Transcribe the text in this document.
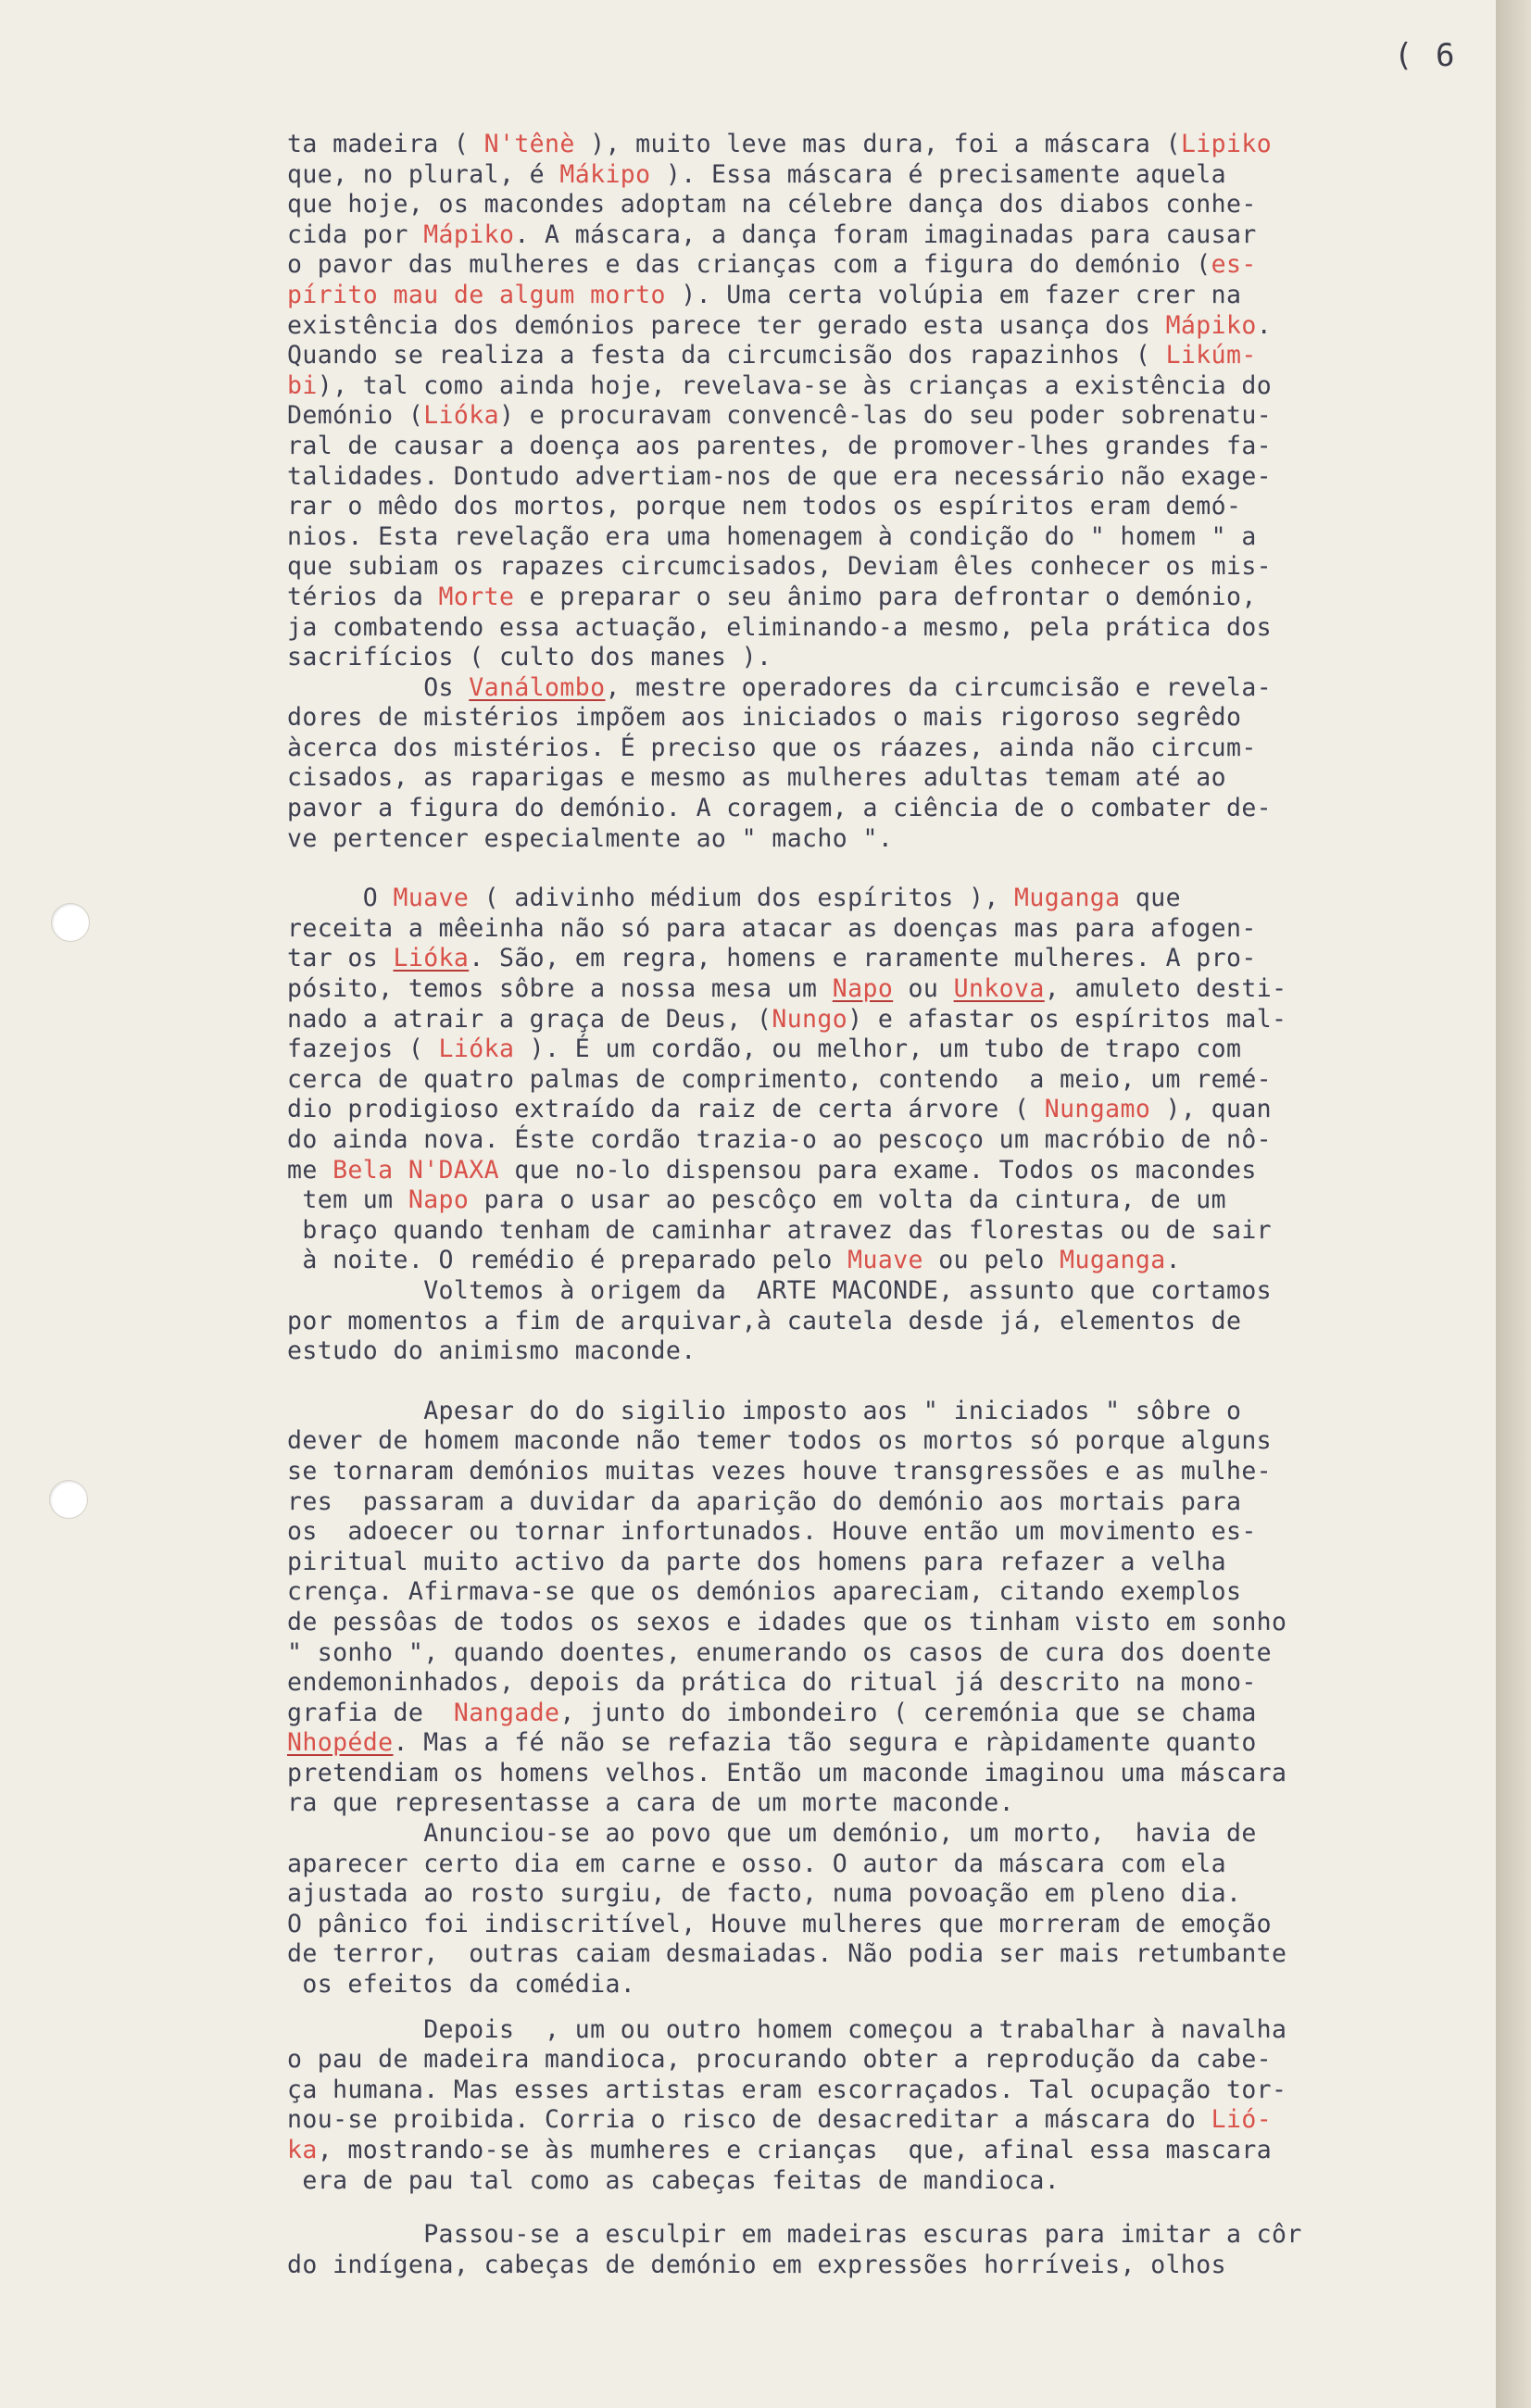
( 6
ta madeira ( N'tênè ), muito leve mas dura, foi a máscara (Lipiko
que, no plural, é Mákipo ). Essa máscara é precisamente aquela
que hoje, os macondes adoptam na célebre dança dos diabos conhe-
cida por Mápiko. A máscara, a dança foram imaginadas para causar
o pavor das mulheres e das crianças com a figura do demónio (es-
pírito mau de algum morto ). Uma certa volúpia em fazer crer na
existência dos demónios parece ter gerado esta usança dos Mápiko.
Quando se realiza a festa da circumcisão dos rapazinhos ( Likúm-
bi), tal como ainda hoje, revelava-se às crianças a existência do
Demónio (Lióka) e procuravam convencê-las do seu poder sobrenatu-
ral de causar a doença aos parentes, de promover-lhes grandes fa-
talidades. Dontudo advertiam-nos de que era necessário não exage-
rar o mêdo dos mortos, porque nem todos os espíritos eram demó-
nios. Esta revelação era uma homenagem à condição do " homem " a
que subiam os rapazes circumcisados, Deviam êles conhecer os mis-
térios da Morte e preparar o seu ânimo para defrontar o demónio,
ja combatendo essa actuação, eliminando-a mesmo, pela prática dos
sacrifícios ( culto dos manes ).
Os Vanálombo, mestre operadores da circumcisão e revela-
dores de mistérios impõem aos iniciados o mais rigoroso segrêdo
àcerca dos mistérios. É preciso que os ráazes, ainda não circum-
cisados, as raparigas e mesmo as mulheres adultas temam até ao
pavor a figura do demónio. A coragem, a ciência de o combater de-
ve pertencer especialmente ao " macho ".
O Muave ( adivinho médium dos espíritos ), Muganga que
receita a mêeinha não só para atacar as doenças mas para afogen-
tar os Lióka. São, em regra, homens e raramente mulheres. A pro-
pósito, temos sôbre a nossa mesa um Napo ou Unkova, amuleto desti-
nado a atrair a graça de Deus, (Nungo) e afastar os espíritos mal-
fazejos ( Lióka ). É um cordão, ou melhor, um tubo de trapo com
cerca de quatro palmas de comprimento, contendo  a meio, um remé-
dio prodigioso extraído da raiz de certa árvore ( Nungamo ), quan
do ainda nova. Éste cordão trazia-o ao pescoço um macróbio de nô-
me Bela N'DAXA que no-lo dispensou para exame. Todos os macondes
tem um Napo para o usar ao pescôço em volta da cintura, de um
braço quando tenham de caminhar atravez das florestas ou de sair
à noite. O remédio é preparado pelo Muave ou pelo Muganga.
Voltemos à origem da  ARTE MACONDE, assunto que cortamos
por momentos a fim de arquivar,à cautela desde já, elementos de
estudo do animismo maconde.
Apesar do do sigilio imposto aos " iniciados " sôbre o
dever de homem maconde não temer todos os mortos só porque alguns
se tornaram demónios muitas vezes houve transgressões e as mulhe-
res  passaram a duvidar da aparição do demónio aos mortais para
os  adoecer ou tornar infortunados. Houve então um movimento es-
piritual muito activo da parte dos homens para refazer a velha
crença. Afirmava-se que os demónios apareciam, citando exemplos
de pessôas de todos os sexos e idades que os tinham visto em sonho
" sonho ", quando doentes, enumerando os casos de cura dos doente
endemoninhados, depois da prática do ritual já descrito na mono-
grafia de  Nangade, junto do imbondeiro ( ceremónia que se chama
Nhopéde. Mas a fé não se refazia tão segura e ràpidamente quanto
pretendiam os homens velhos. Então um maconde imaginou uma máscara
ra que representasse a cara de um morte maconde.
Anunciou-se ao povo que um demónio, um morto,  havia de
aparecer certo dia em carne e osso. O autor da máscara com ela
ajustada ao rosto surgiu, de facto, numa povoação em pleno dia.
O pânico foi indiscritível, Houve mulheres que morreram de emoção
de terror,  outras caiam desmaiadas. Não podia ser mais retumbante
os efeitos da comédia.
Depois  , um ou outro homem começou a trabalhar à navalha
o pau de madeira mandioca, procurando obter a reprodução da cabe-
ça humana. Mas esses artistas eram escorraçados. Tal ocupação tor-
nou-se proibida. Corria o risco de desacreditar a máscara do Lió-
ka, mostrando-se às mumheres e crianças  que, afinal essa mascara
era de pau tal como as cabeças feitas de mandioca.
Passou-se a esculpir em madeiras escuras para imitar a côr
do indígena, cabeças de demónio em expressões horríveis, olhos
